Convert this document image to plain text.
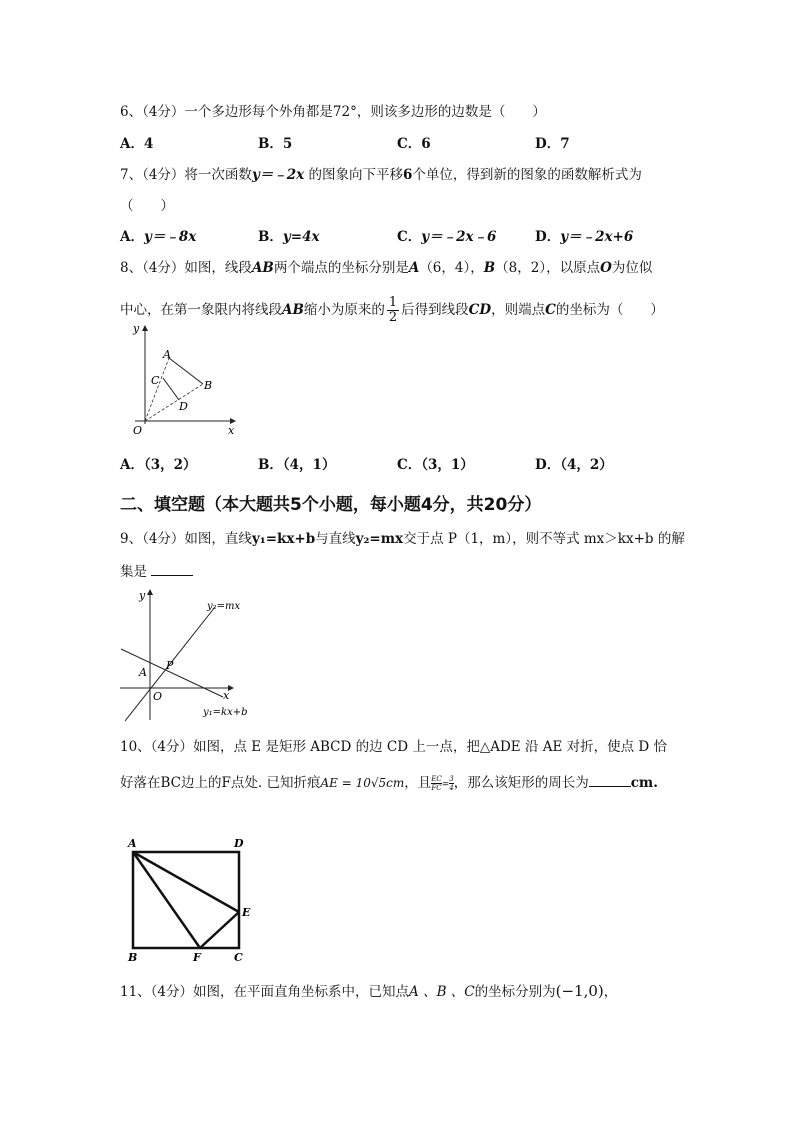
6、（4分）一个多边形每个外角都是72°，则该多边形的边数是（　　）
A．4	B．5	C．6	D．7
7、（4分）将一次函数y＝﹣2x 的图象向下平移6个单位，得到新的图象的函数解析式为
（　　）
A．y＝﹣8x	B．y=4x	C．y＝﹣2x﹣6	D．y＝﹣2x+6
8、（4分）如图，线段AB两个端点的坐标分别是A（6，4），B（8，2），以原点O为位似
中心，在第一象限内将线段AB缩小为原来的 $\frac{1}{2}$ 后得到线段CD，则端点C的坐标为（　　）
y
x
O
A
B
C
D
A．（3，2）	B．（4，1）	C．（3，1）	D．（4，2）
二、填空题（本大题共5个小题，每小题4分，共20分）
9、（4分）如图，直线y₁=kx+b与直线y₂=mx交于点 P（1，m），则不等式 mx＞kx+b 的解
集是
y
x
O
A
P
y₂=mx
y₁=kx+b
10、（4分）如图，点 E 是矩形 ABCD 的边 CD 上一点，把△ADE 沿 AE 对折，使点 D 恰
好落在BC边上的F点处. 已知折痕AE = 10√5cm，且 $\frac{EC}{FC} = \frac{3}{4}$ ，那么该矩形的周长为	cm.
A	D
E
B	F	C
11、（4分）如图，在平面直角坐标系中，已知点A 、B 、C的坐标分别为(−1,0)，
